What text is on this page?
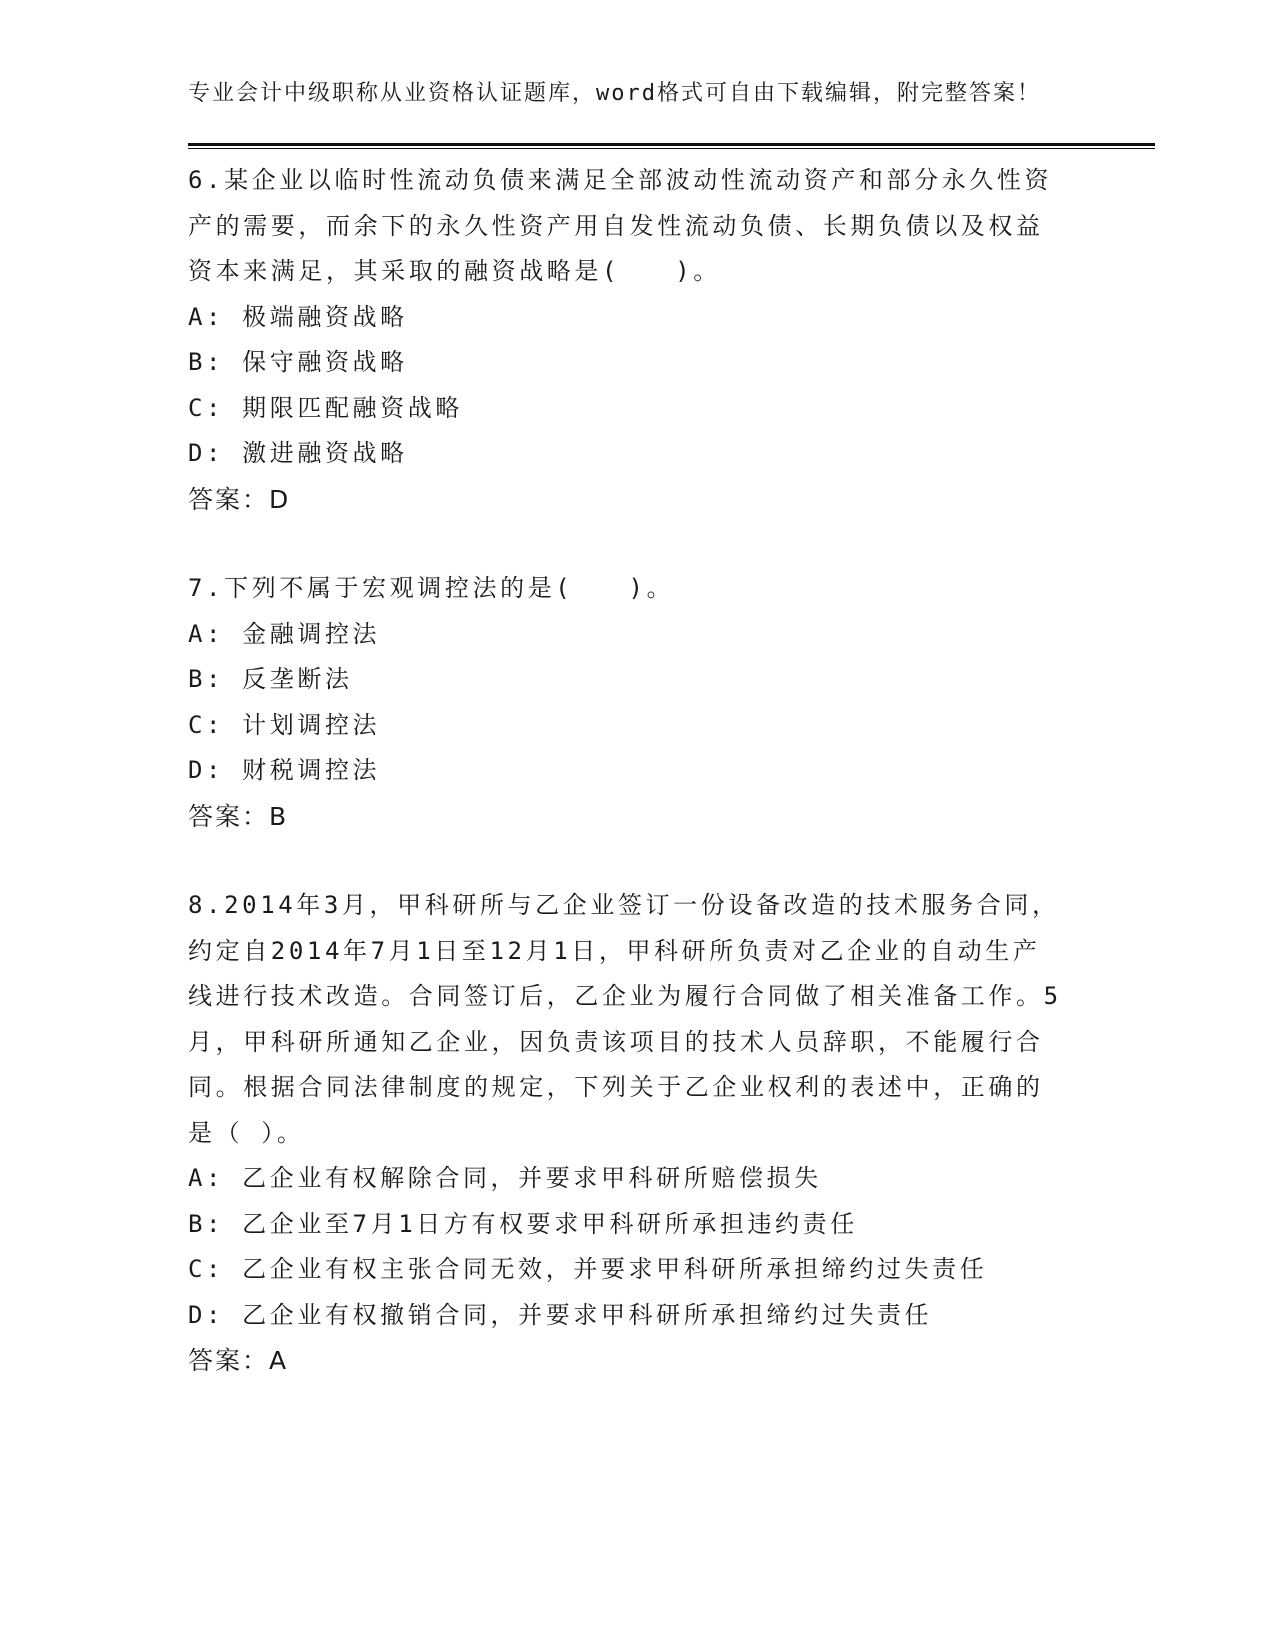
专业会计中级职称从业资格认证题库，word格式可自由下载编辑，附完整答案！

6.某企业以临时性流动负债来满足全部波动性流动资产和部分永久性资产的需要，而余下的永久性资产用自发性流动负债、长期负债以及权益资本来满足，其采取的融资战略是(　　)。

A: 极端融资战略

B: 保守融资战略

C: 期限匹配融资战略

D: 激进融资战略

答案：D

7.下列不属于宏观调控法的是(　　)。

A: 金融调控法

B: 反垄断法

C: 计划调控法

D: 财税调控法

答案：B

8.2014年3月，甲科研所与乙企业签订一份设备改造的技术服务合同，约定自2014年7月1日至12月1日，甲科研所负责对乙企业的自动生产线进行技术改造。合同签订后，乙企业为履行合同做了相关准备工作。5月，甲科研所通知乙企业，因负责该项目的技术人员辞职，不能履行合同。根据合同法律制度的规定，下列关于乙企业权利的表述中，正确的是（ ）。

A: 乙企业有权解除合同，并要求甲科研所赔偿损失

B: 乙企业至7月1日方有权要求甲科研所承担违约责任

C: 乙企业有权主张合同无效，并要求甲科研所承担缔约过失责任

D: 乙企业有权撤销合同，并要求甲科研所承担缔约过失责任

答案：A
